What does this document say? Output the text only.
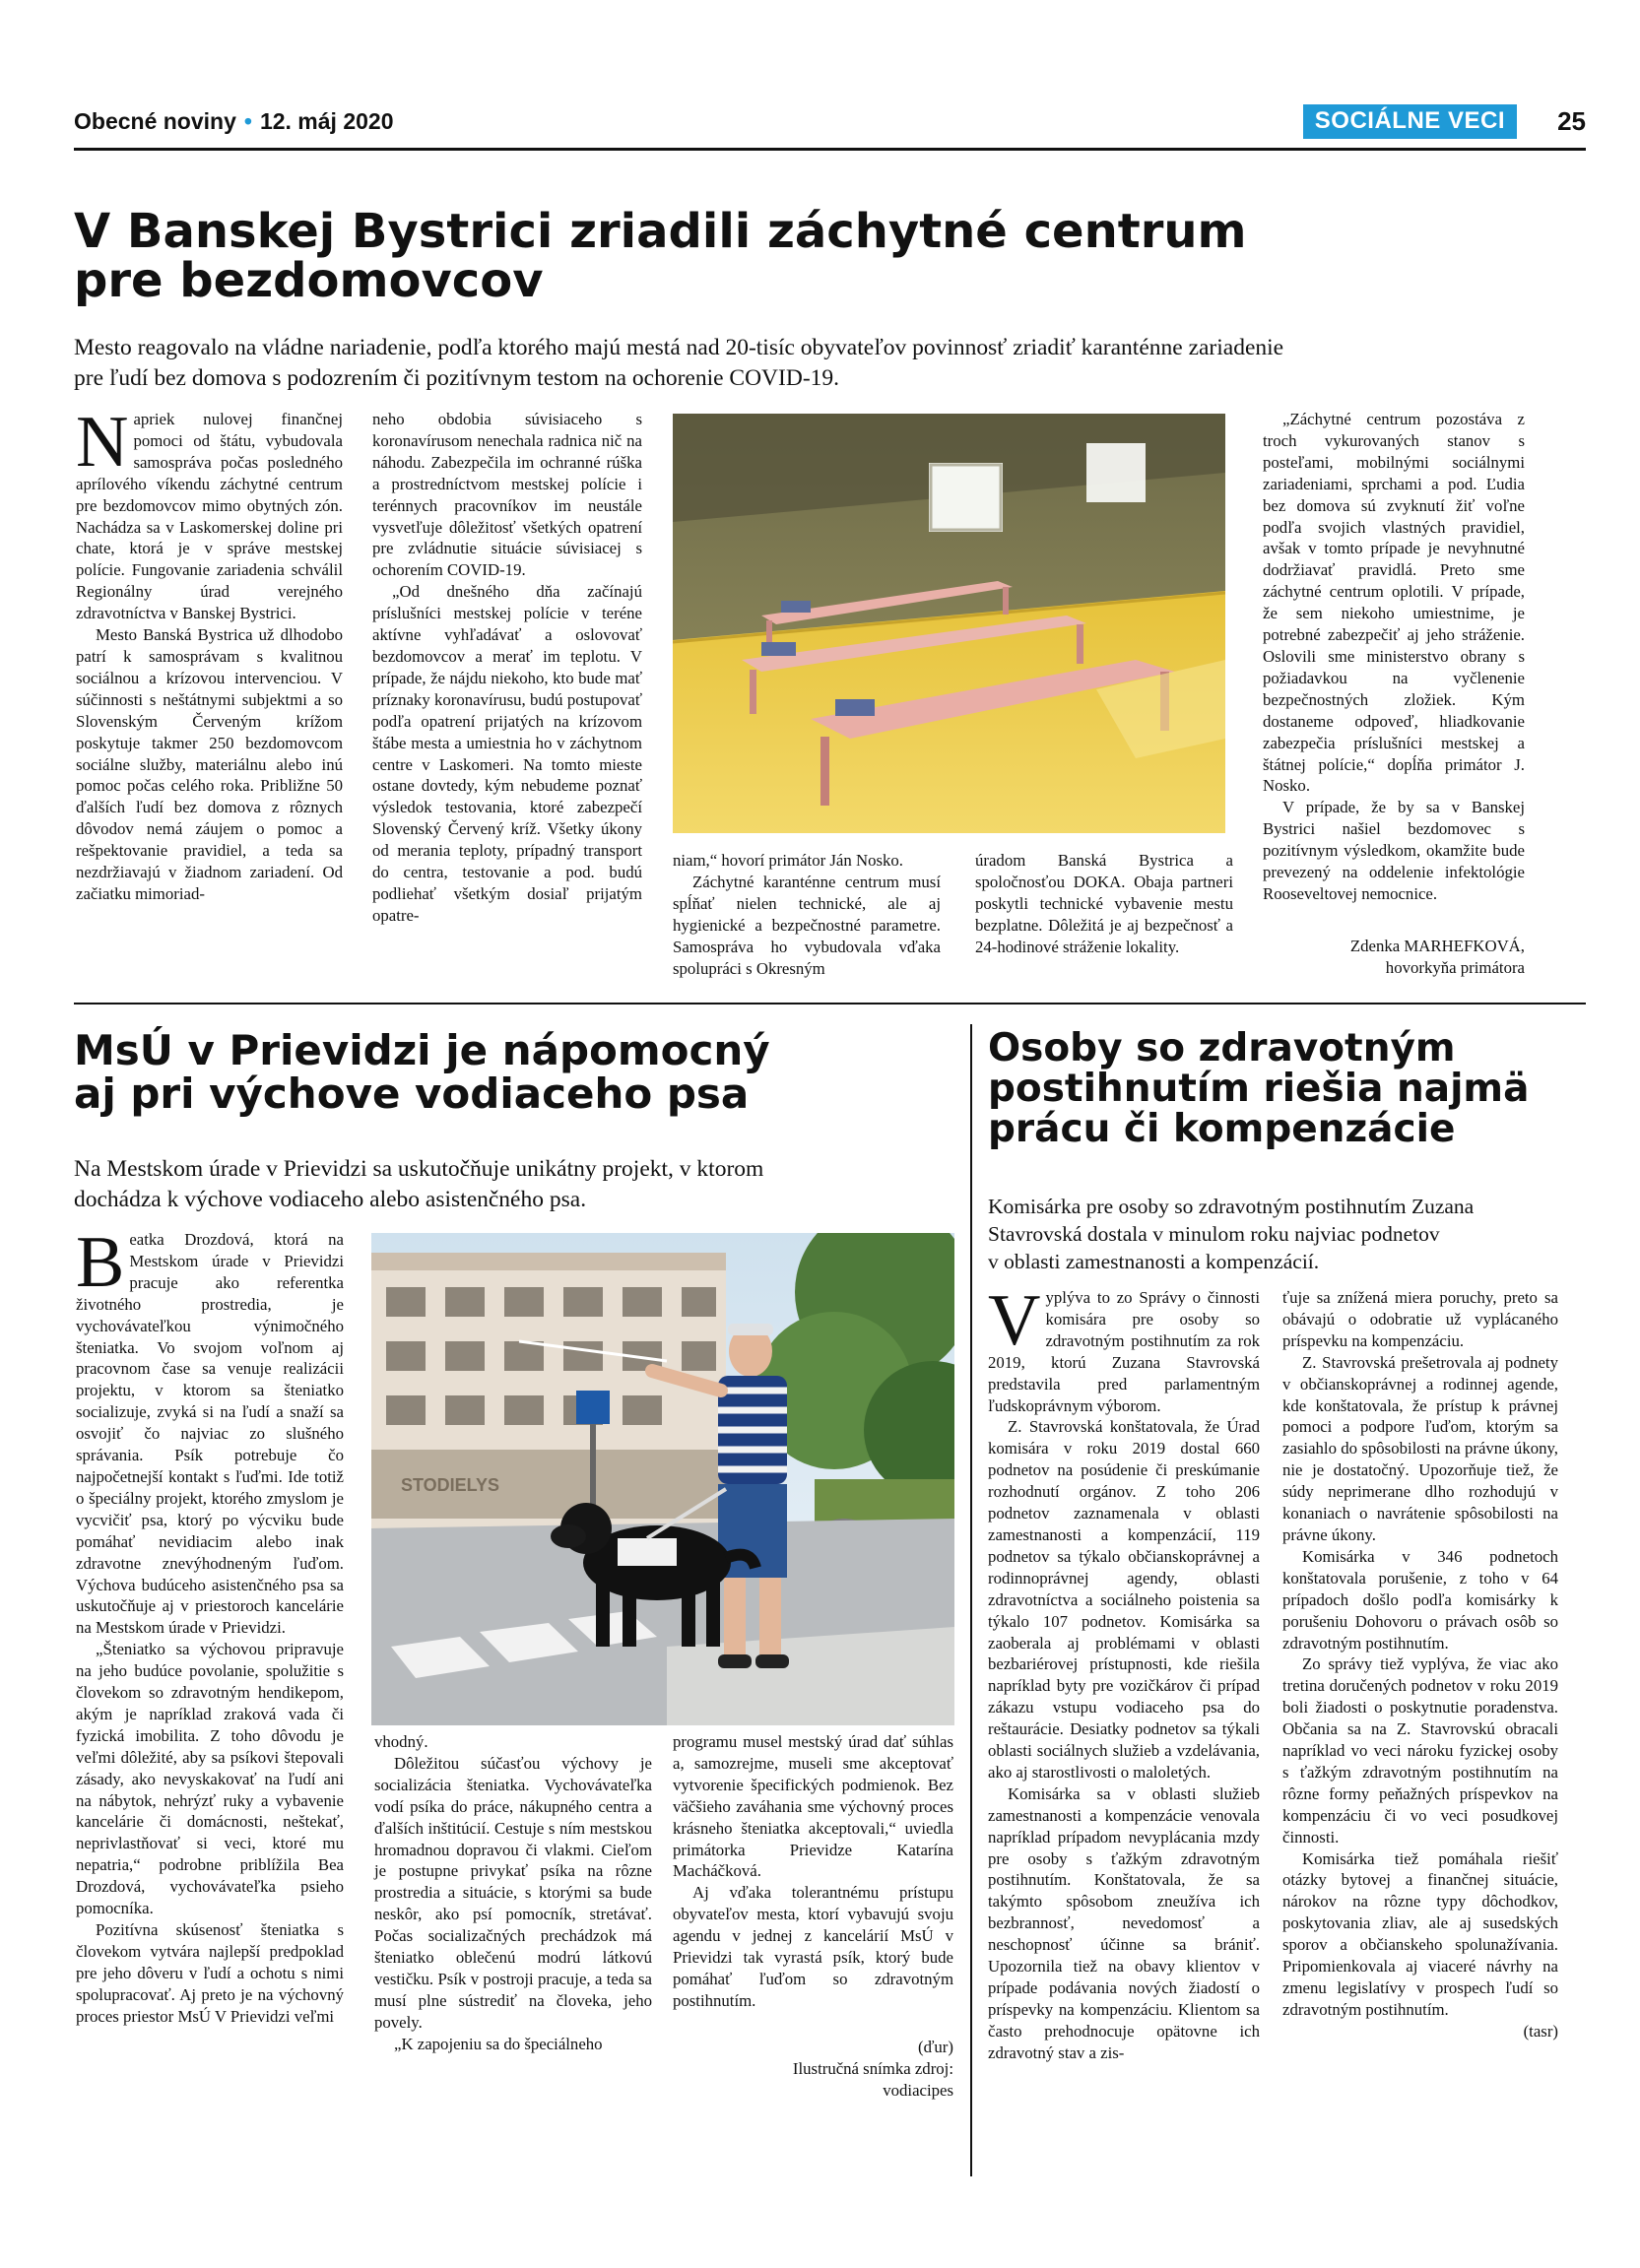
Obecné noviny • 12. máj 2020	SOCIÁLNE VECI	25
V Banskej Bystrici zriadili záchytné centrum
pre bezdomovcov

Mesto reagovalo na vládne nariadenie, podľa ktorého majú mestá nad 20-tisíc obyvateľov povinnosť zriadiť karanténne zariadenie
pre ľudí bez domova s podozrením či pozitívnym testom na ochorenie COVID-19.

Napriek nulovej finančnej pomoci od štátu, vybudovala samospráva počas posledného aprílového víkendu záchytné centrum pre bezdomovcov mimo obytných zón. Nachádza sa v Laskomerskej doline pri chate, ktorá je v správe mestskej polície. Fungovanie zariadenia schválil Regionálny úrad verejného zdravotníctva v Banskej Bystrici.

Mesto Banská Bystrica už dlhodobo patrí k samosprávam s kvalitnou sociálnou a krízovou intervenciou. V súčinnosti s neštátnymi subjektmi a so Slovenským Červeným krížom poskytuje takmer 250 bezdomovcom sociálne služby, materiálnu alebo inú pomoc počas celého roka. Približne 50 ďalších ľudí bez domova z rôznych dôvodov nemá záujem o pomoc a rešpektovanie pravidiel, a teda sa nezdržiavajú v žiadnom zariadení. Od začiatku mimoriad-

neho obdobia súvisiaceho s koronavírusom nenechala radnica nič na náhodu. Zabezpečila im ochranné rúška a prostredníctvom mestskej polície i terénnych pracovníkov im neustále vysvetľuje dôležitosť všetkých opatrení pre zvládnutie situácie súvisiacej s ochorením COVID-19.

„Od dnešného dňa začínajú príslušníci mestskej polície v teréne aktívne vyhľadávať a oslovovať bezdomovcov a merať im teplotu. V prípade, že nájdu niekoho, kto bude mať príznaky koronavírusu, budú postupovať podľa opatrení prijatých na krízovom štábe mesta a umiestnia ho v záchytnom centre v Laskomeri. Na tomto mieste ostane dovtedy, kým nebudeme poznať výsledok testovania, ktoré zabezpečí Slovenský Červený kríž. Všetky úkony od merania teploty, prípadný transport do centra, testovanie a pod. budú podliehať všetkým dosiaľ prijatým opatre-

niam,“ hovorí primátor Ján Nosko.

Záchytné karanténne centrum musí spĺňať nielen technické, ale aj hygienické a bezpečnostné parametre. Samospráva ho vybudovala vďaka spolupráci s Okresným

úradom Banská Bystrica a spoločnosťou DOKA. Obaja partneri poskytli technické vybavenie mestu bezplatne. Dôležitá je aj bezpečnosť a 24-hodinové stráženie lokality.

„Záchytné centrum pozostáva z troch vykurovaných stanov s posteľami, mobilnými sociálnymi zariadeniami, sprchami a pod. Ľudia bez domova sú zvyknutí žiť voľne podľa svojich vlastných pravidiel, avšak v tomto prípade je nevyhnutné dodržiavať pravidlá. Preto sme záchytné centrum oplotili. V prípade, že sem niekoho umiestnime, je potrebné zabezpečiť aj jeho stráženie. Oslovili sme ministerstvo obrany s požiadavkou na vyčlenenie bezpečnostných zložiek. Kým dostaneme odpoveď, hliadkovanie zabezpečia príslušníci mestskej a štátnej polície,“ dopĺňa primátor J. Nosko.

V prípade, že by sa v Banskej Bystrici našiel bezdomovec s pozitívnym výsledkom, okamžite bude prevezený na oddelenie infektológie Rooseveltovej nemocnice.

Zdenka MARHEFKOVÁ,

hovorkyňa primátora

MsÚ v Prievidzi je nápomocný
aj pri výchove vodiaceho psa

Na Mestskom úrade v Prievidzi sa uskutočňuje unikátny projekt, v ktorom
dochádza k výchove vodiaceho alebo asistenčného psa.

Beatka Drozdová, ktorá na Mestskom úrade v Prievidzi pracuje ako referentka životného prostredia, je vychovávateľkou výnimočného šteniatka. Vo svojom voľnom aj pracovnom čase sa venuje realizácii projektu, v ktorom sa šteniatko socializuje, zvyká si na ľudí a snaží sa osvojiť čo najviac zo slušného správania. Psík potrebuje čo najpočetnejší kontakt s ľuďmi. Ide totiž o špeciálny projekt, ktorého zmyslom je vycvičiť psa, ktorý po výcviku bude pomáhať nevidiacim alebo inak zdravotne znevýhodneným ľuďom. Výchova budúceho asistenčného psa sa uskutočňuje aj v priestoroch kancelárie na Mestskom úrade v Prievidzi.

„Šteniatko sa výchovou pripravuje na jeho budúce povolanie, spolužitie s človekom so zdravotným hendikepom, akým je napríklad zraková vada či fyzická imobilita. Z toho dôvodu je veľmi dôležité, aby sa psíkovi štepovali zásady, ako nevyskakovať na ľudí ani na nábytok, nehrýzť ruky a vybavenie kancelárie či domácnosti, neštekať, neprivlastňovať si veci, ktoré mu nepatria,“ podrobne priblížila Bea Drozdová, vychovávateľka psieho pomocníka.

Pozitívna skúsenosť šteniatka s človekom vytvára najlepší predpoklad pre jeho dôveru v ľudí a ochotu s nimi spolupracovať. Aj preto je na výchovný proces priestor MsÚ V Prievidzi veľmi

STODIELYS

vhodný.

Dôležitou súčasťou výchovy je socializácia šteniatka. Vychovávateľka vodí psíka do práce, nákupného centra a ďalších inštitúcií. Cestuje s ním mestskou hromadnou dopravou či vlakmi. Cieľom je postupne privykať psíka na rôzne prostredia a situácie, s ktorými sa bude neskôr, ako psí pomocník, stretávať. Počas socializačných prechádzok má šteniatko oblečenú modrú látkovú vestičku. Psík v postroji pracuje, a teda sa musí plne sústrediť na človeka, jeho povely.

„K zapojeniu sa do špeciálneho

programu musel mestský úrad dať súhlas a, samozrejme, museli sme akceptovať vytvorenie špecifických podmienok. Bez väčšieho zaváhania sme výchovný proces krásneho šteniatka akceptovali,“ uviedla primátorka Prievidze Katarína Macháčková.

Aj vďaka tolerantnému prístupu obyvateľov mesta, ktorí vybavujú svoju agendu v jednej z kancelárií MsÚ v Prievidzi tak vyrastá psík, ktorý bude pomáhať ľuďom so zdravotným postihnutím.

(ďur)

Ilustručná snímka zdroj:

vodiacipes

Osoby so zdravotným
postihnutím riešia najmä
prácu či kompenzácie

Komisárka pre osoby so zdravotným postihnutím Zuzana
Stavrovská dostala v minulom roku najviac podnetov
v oblasti zamestnanosti a kompenzácií.

Vyplýva to zo Správy o činnosti komisára pre osoby so zdravotným postihnutím za rok 2019, ktorú Zuzana Stavrovská predstavila pred parlamentným ľudskoprávnym výborom.

Z. Stavrovská konštatovala, že Úrad komisára v roku 2019 dostal 660 podnetov na posúdenie či preskúmanie rozhodnutí orgánov. Z toho 206 podnetov zaznamenala v oblasti zamestnanosti a kompenzácií, 119 podnetov sa týkalo občianskoprávnej a rodinnoprávnej agendy, oblasti zdravotníctva a sociálneho poistenia sa týkalo 107 podnetov. Komisárka sa zaoberala aj problémami v oblasti bezbariérovej prístupnosti, kde riešila napríklad byty pre vozičkárov či prípad zákazu vstupu vodiaceho psa do reštaurácie. Desiatky podnetov sa týkali oblasti sociálnych služieb a vzdelávania, ako aj starostlivosti o maloletých.

Komisárka sa v oblasti služieb zamestnanosti a kompenzácie venovala napríklad prípadom nevyplácania mzdy pre osoby s ťažkým zdravotným postihnutím. Konštatovala, že sa takýmto spôsobom zneužíva ich bezbrannosť, nevedomosť a neschopnosť účinne sa brániť. Upozornila tiež na obavy klientov v prípade podávania nových žiadostí o príspevky na kompenzáciu. Klientom sa často prehodnocuje opätovne ich zdravotný stav a zis-

ťuje sa znížená miera poruchy, preto sa obávajú o odobratie už vyplácaného príspevku na kompenzáciu.

Z. Stavrovská prešetrovala aj podnety v občianskoprávnej a rodinnej agende, kde konštatovala, že prístup k právnej pomoci a podpore ľuďom, ktorým sa zasiahlo do spôsobilosti na právne úkony, nie je dostatočný. Upozorňuje tiež, že súdy neprimerane dlho rozhodujú v konaniach o navrátenie spôsobilosti na právne úkony.

Komisárka v 346 podnetoch konštatovala porušenie, z toho v 64 prípadoch došlo podľa komisárky k porušeniu Dohovoru o právach osôb so zdravotným postihnutím.

Zo správy tiež vyplýva, že viac ako tretina doručených podnetov v roku 2019 boli žiadosti o poskytnutie poradenstva. Občania sa na Z. Stavrovskú obracali napríklad vo veci nároku fyzickej osoby s ťažkým zdravotným postihnutím na rôzne formy peňažných príspevkov na kompenzáciu či vo veci posudkovej činnosti.

Komisárka tiež pomáhala riešiť otázky bytovej a finančnej situácie, nárokov na rôzne typy dôchodkov, poskytovania zliav, ale aj susedských sporov a občianskeho spolunažívania. Pripomienkovala aj viaceré návrhy na zmenu legislatívy v prospech ľudí so zdravotným postihnutím.

(tasr)
